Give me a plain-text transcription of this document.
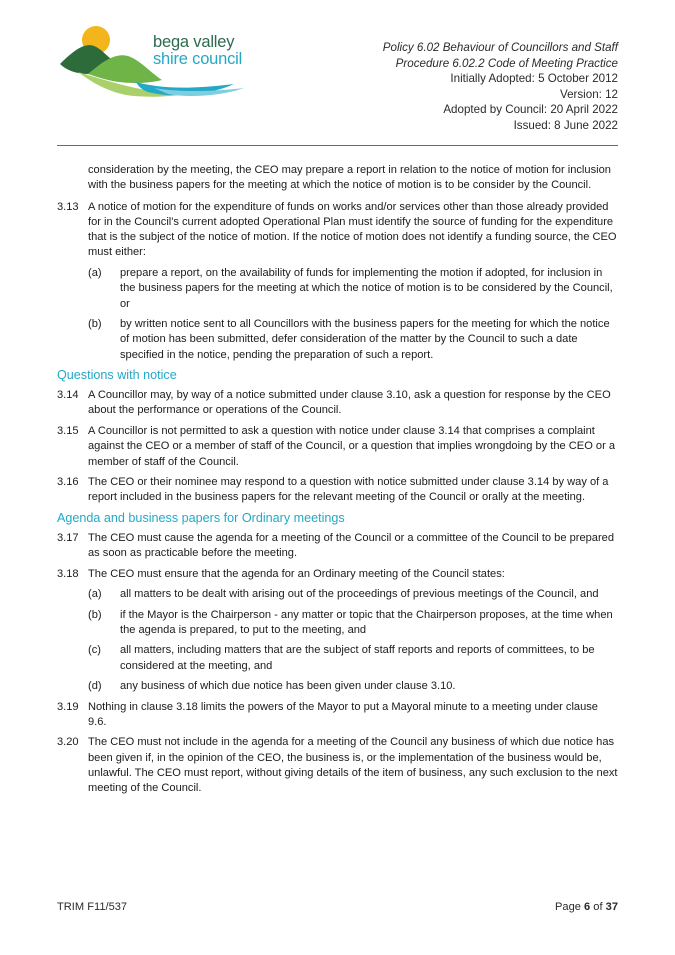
bega valley
shire council
Policy 6.02 Behaviour of Councillors and Staff
Procedure 6.02.2 Code of Meeting Practice
Initially Adopted: 5 October 2012
Version: 12
Adopted by Council: 20 April 2022
Issued: 8 June 2022
consideration by the meeting, the CEO may prepare a report in relation to the notice of motion for inclusion with the business papers for the meeting at which the notice of motion is to be consider by the Council.
3.13 A notice of motion for the expenditure of funds on works and/or services other than those already provided for in the Council's current adopted Operational Plan must identify the source of funding for the expenditure that is the subject of the notice of motion. If the notice of motion does not identify a funding source, the CEO must either:
(a) prepare a report, on the availability of funds for implementing the motion if adopted, for inclusion in the business papers for the meeting at which the notice of motion is to be considered by the Council, or
(b) by written notice sent to all Councillors with the business papers for the meeting for which the notice of motion has been submitted, defer consideration of the matter by the Council to such a date specified in the notice, pending the preparation of such a report.
Questions with notice
3.14 A Councillor may, by way of a notice submitted under clause 3.10, ask a question for response by the CEO about the performance or operations of the Council.
3.15 A Councillor is not permitted to ask a question with notice under clause 3.14 that comprises a complaint against the CEO or a member of staff of the Council, or a question that implies wrongdoing by the CEO or a member of staff of the Council.
3.16 The CEO or their nominee may respond to a question with notice submitted under clause 3.14 by way of a report included in the business papers for the relevant meeting of the Council or orally at the meeting.
Agenda and business papers for Ordinary meetings
3.17 The CEO must cause the agenda for a meeting of the Council or a committee of the Council to be prepared as soon as practicable before the meeting.
3.18 The CEO must ensure that the agenda for an Ordinary meeting of the Council states:
(a) all matters to be dealt with arising out of the proceedings of previous meetings of the Council, and
(b) if the Mayor is the Chairperson - any matter or topic that the Chairperson proposes, at the time when the agenda is prepared, to put to the meeting, and
(c) all matters, including matters that are the subject of staff reports and reports of committees, to be considered at the meeting, and
(d) any business of which due notice has been given under clause 3.10.
3.19 Nothing in clause 3.18 limits the powers of the Mayor to put a Mayoral minute to a meeting under clause 9.6.
3.20 The CEO must not include in the agenda for a meeting of the Council any business of which due notice has been given if, in the opinion of the CEO, the business is, or the implementation of the business would be, unlawful. The CEO must report, without giving details of the item of business, any such exclusion to the next meeting of the Council.
TRIM F11/537	Page 6 of 37
